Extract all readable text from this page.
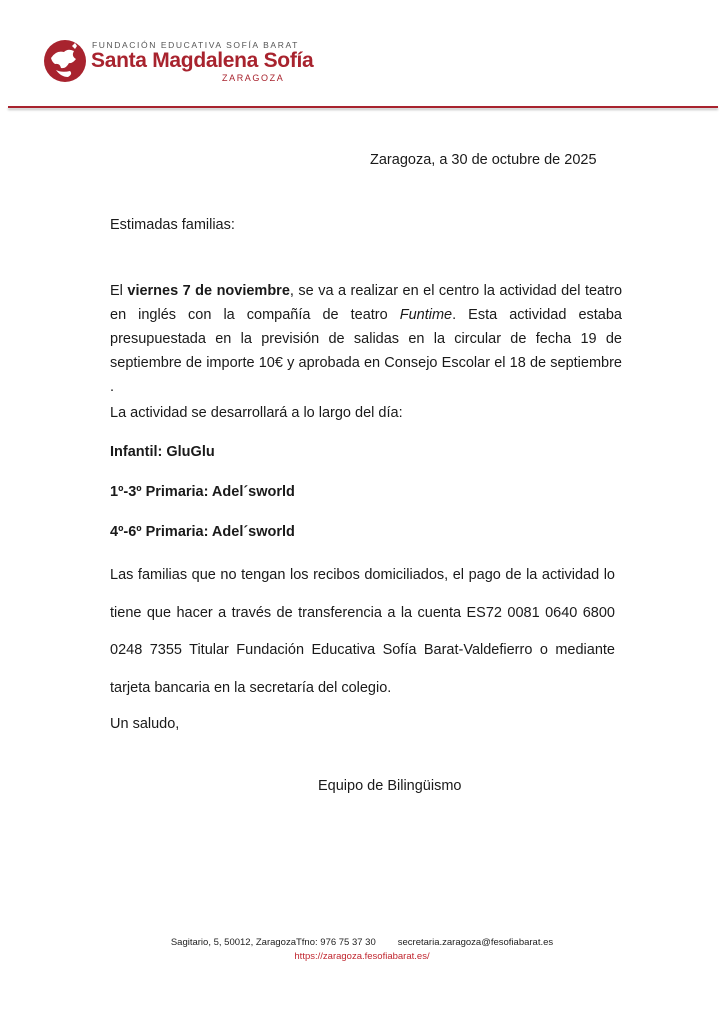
FUNDACIÓN EDUCATIVA SOFÍA BARAT
Santa Magdalena Sofía
ZARAGOZA
Zaragoza, a 30 de octubre de 2025
Estimadas familias:
El viernes 7 de noviembre, se va a realizar en el centro la actividad del teatro en inglés con la compañía de teatro Funtime. Esta actividad estaba presupuestada en la previsión de salidas en la circular de fecha 19 de septiembre de importe 10€ y aprobada en Consejo Escolar el 18 de septiembre .
La actividad se desarrollará a lo largo del día:
Infantil: GluGlu
1º-3º Primaria: Adel´sworld
4º-6º Primaria: Adel´sworld
Las familias que no tengan los recibos domiciliados, el pago de la actividad lo tiene que hacer a través de transferencia a la cuenta ES72 0081 0640 6800 0248 7355 Titular Fundación Educativa Sofía Barat-Valdefierro o mediante tarjeta bancaria en la secretaría del colegio.
Un saludo,
Equipo de Bilingüismo
Sagitario, 5, 50012, ZaragozaTfno: 976 75 37 30 secretaria.zaragoza@fesofiabarat.es
https://zaragoza.fesofiabarat.es/
